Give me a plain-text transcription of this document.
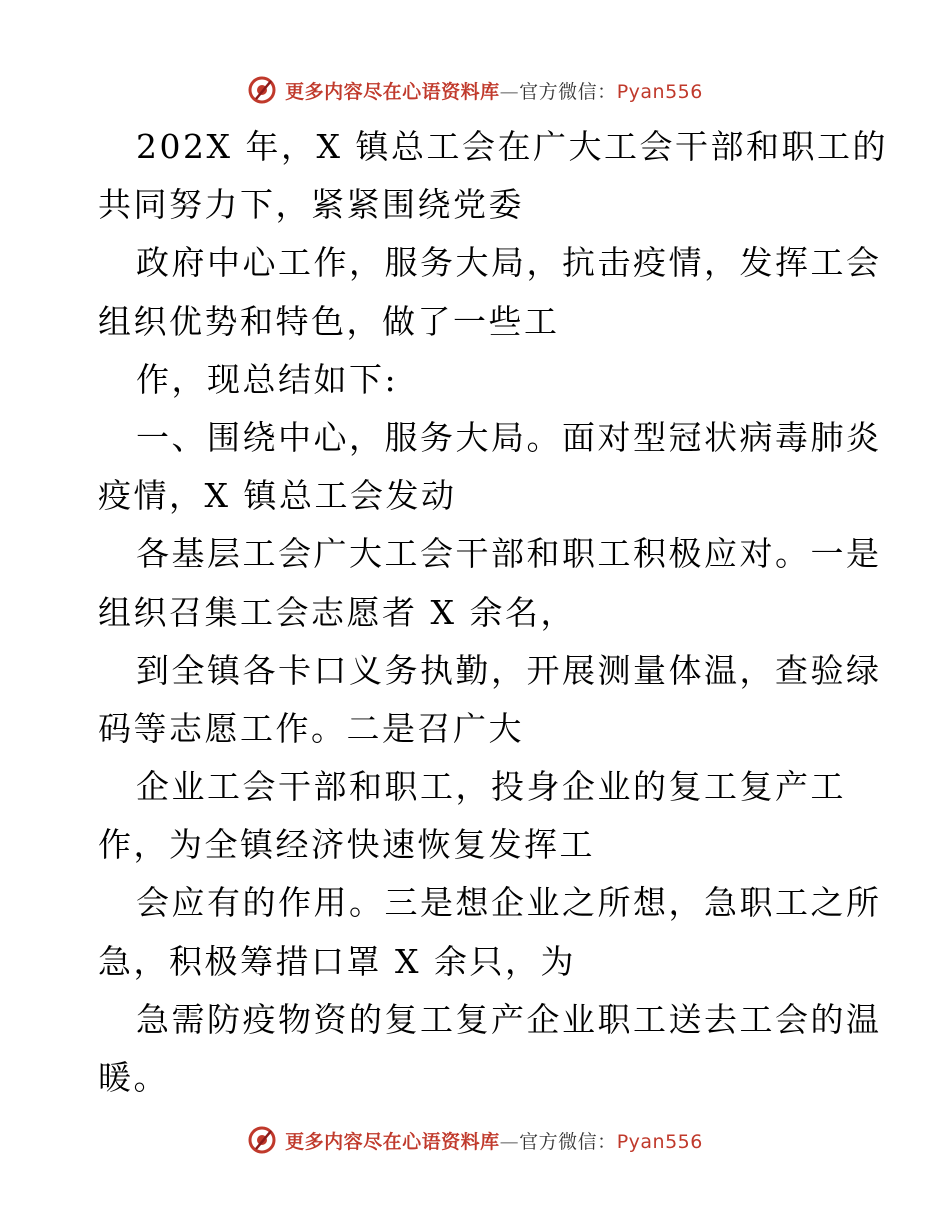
更多内容尽在心语资料库—官方微信：Pyan556
202X 年，X 镇总工会在广大工会干部和职工的
共同努力下，紧紧围绕党委
政府中心工作，服务大局，抗击疫情，发挥工会
组织优势和特色，做了一些工
作，现总结如下:
一、围绕中心，服务大局。面对型冠状病毒肺炎
疫情，X 镇总工会发动
各基层工会广大工会干部和职工积极应对。一是
组织召集工会志愿者 X 余名，
到全镇各卡口义务执勤，开展测量体温，查验绿
码等志愿工作。二是召广大
企业工会干部和职工，投身企业的复工复产工
作，为全镇经济快速恢复发挥工
会应有的作用。三是想企业之所想，急职工之所
急，积极筹措口罩 X 余只，为
急需防疫物资的复工复产企业职工送去工会的温
暖。
更多内容尽在心语资料库—官方微信：Pyan556
